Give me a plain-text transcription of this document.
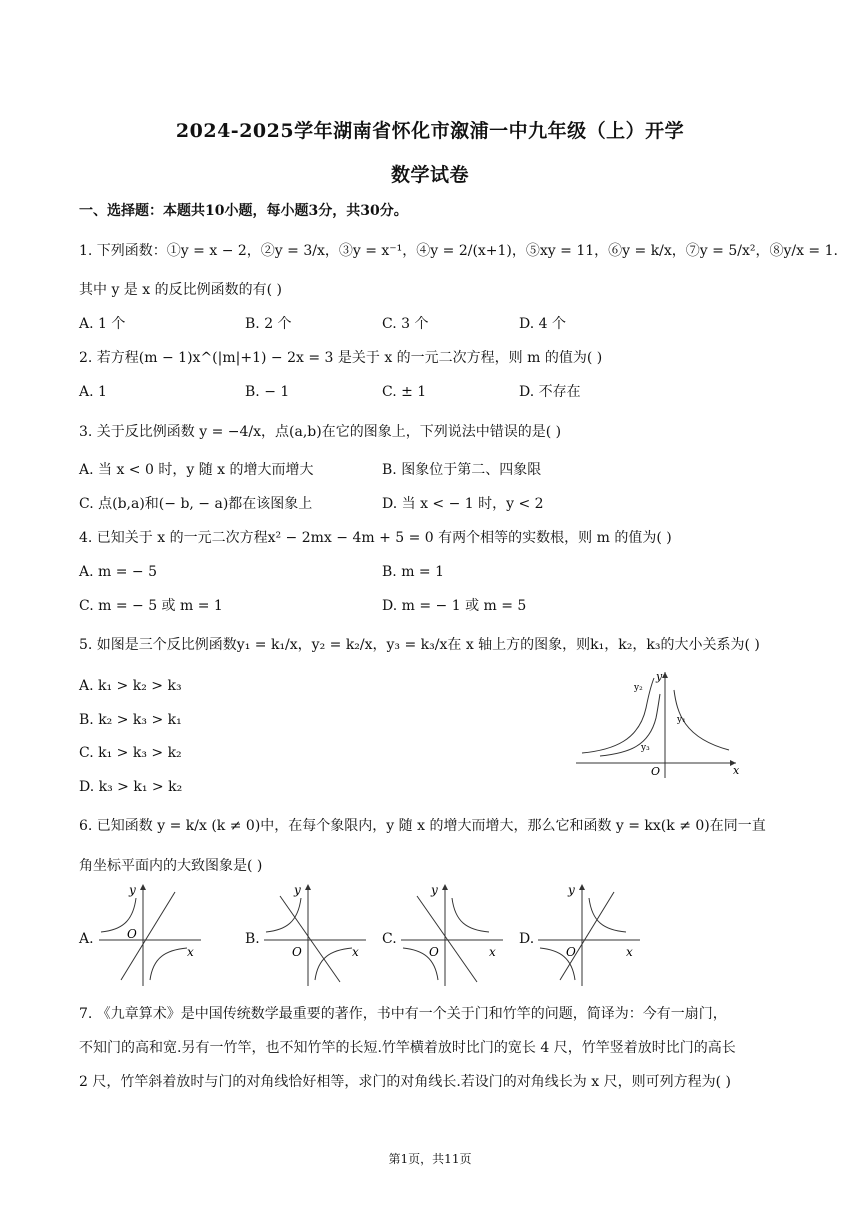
2024-2025学年湖南省怀化市溆浦一中九年级（上）开学
数学试卷
一、选择题：本题共10小题，每小题3分，共30分。
1. 下列函数：①y = x − 2，②y = 3/x，③y = x⁻¹，④y = 2/(x+1)，⑤xy = 11，⑥y = k/x，⑦y = 5/x²，⑧y/x = 1.
其中 y 是 x 的反比例函数的有( )
A. 1 个	B. 2 个	C. 3 个	D. 4 个
2. 若方程(m − 1)x^(|m|+1) − 2x = 3 是关于 x 的一元二次方程，则 m 的值为( )
A. 1	B. − 1	C. ± 1	D. 不存在
3. 关于反比例函数 y = −4/x，点(a,b)在它的图象上，下列说法中错误的是( )
A. 当 x < 0 时，y 随 x 的增大而增大	B. 图象位于第二、四象限
C. 点(b,a)和(− b, − a)都在该图象上	D. 当 x < − 1 时，y < 2
4. 已知关于 x 的一元二次方程x² − 2mx − 4m + 5 = 0 有两个相等的实数根，则 m 的值为( )
A. m = − 5	B. m = 1
C. m = − 5 或 m = 1	D. m = − 1 或 m = 5
5. 如图是三个反比例函数y₁ = k₁/x，y₂ = k₂/x，y₃ = k₃/x在 x 轴上方的图象，则k₁，k₂，k₃的大小关系为( )
A. k₁ > k₂ > k₃
B. k₂ > k₃ > k₁
C. k₁ > k₃ > k₂
D. k₃ > k₁ > k₂
y
x
O
y₁
y₂
y₃
6. 已知函数 y = k/x (k ≠ 0)中，在每个象限内，y 随 x 的增大而增大，那么它和函数 y = kx(k ≠ 0)在同一直
角坐标平面内的大致图象是( )
A.	B.	C.	D.
y
O
x
y
O	x
y
O	x
y
O	x
7. 《九章算术》是中国传统数学最重要的著作，书中有一个关于门和竹竿的问题，简译为：今有一扇门，
不知门的高和宽.另有一竹竿，也不知竹竿的长短.竹竿横着放时比门的宽长 4 尺，竹竿竖着放时比门的高长
2 尺，竹竿斜着放时与门的对角线恰好相等，求门的对角线长.若设门的对角线长为 x 尺，则可列方程为( )
第1页，共11页
